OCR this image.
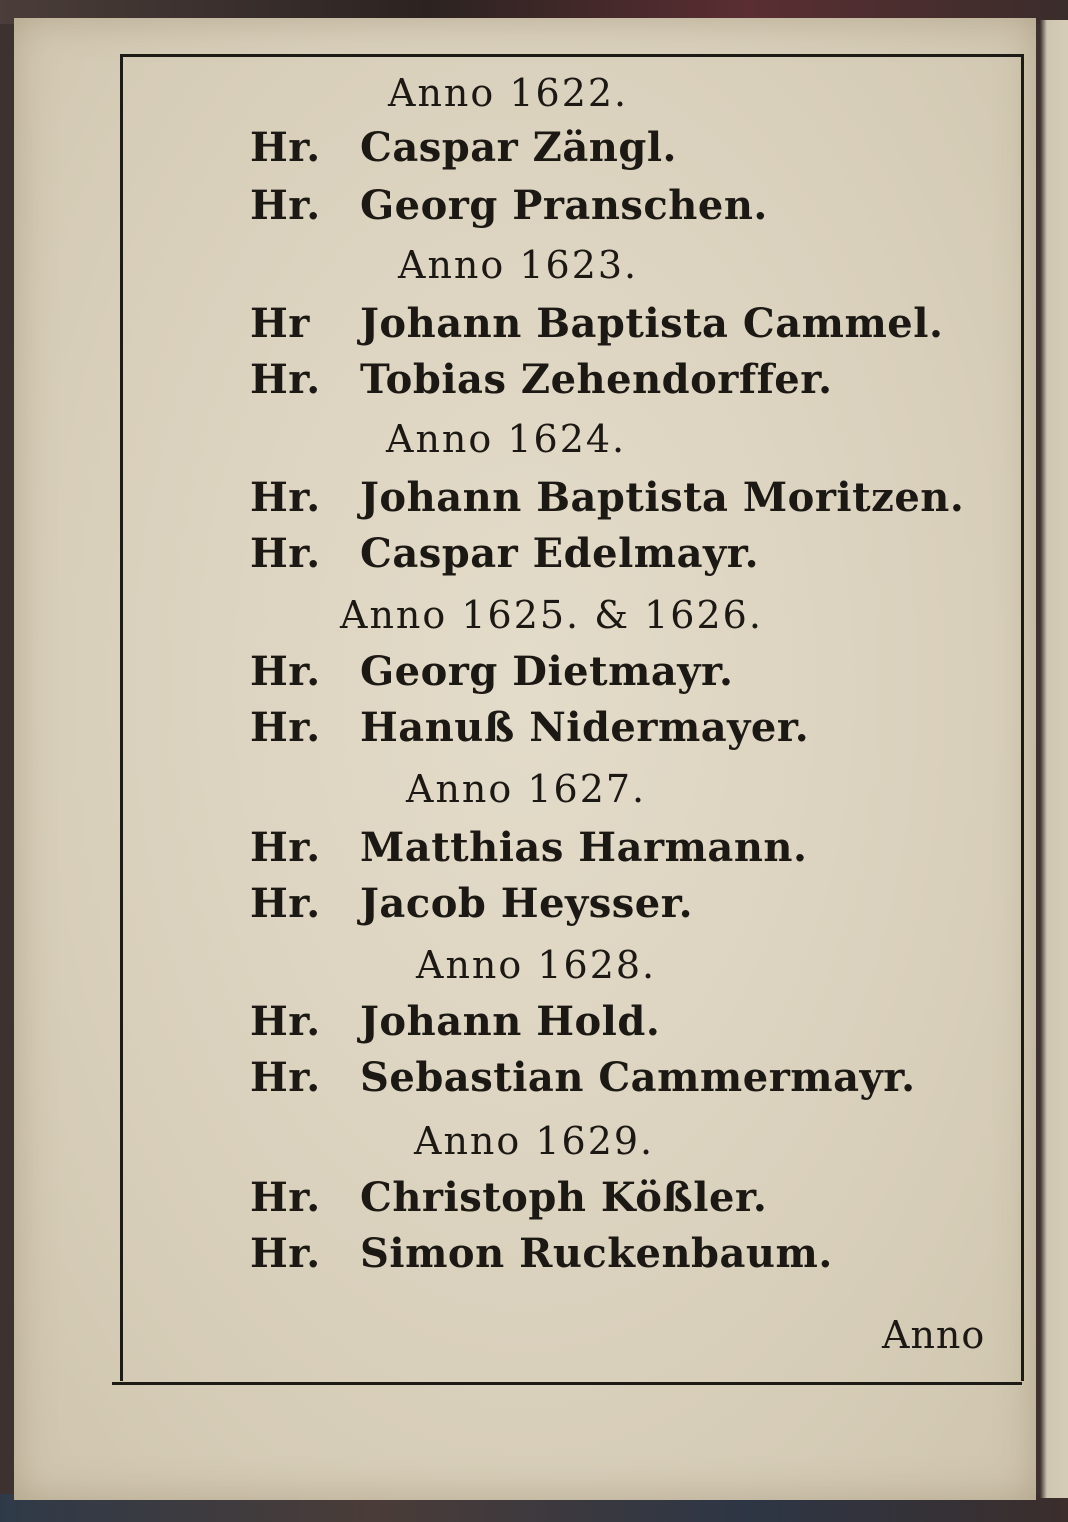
Anno 1622.
Hr. Caspar Zängl.
Hr. Georg Pranschen.
Anno 1623.
Hr Johann Baptista Cammel.
Hr. Tobias Zehendorffer.
Anno 1624.
Hr. Johann Baptista Moritzen.
Hr. Caspar Edelmayr.
Anno 1625. & 1626.
Hr. Georg Dietmayr.
Hr. Hanuß Nidermayer.
Anno 1627.
Hr. Matthias Harmann.
Hr. Jacob Heysser.
Anno 1628.
Hr. Johann Hold.
Hr. Sebastian Cammermayr.
Anno 1629.
Hr. Christoph Kößler.
Hr. Simon Ruckenbaum.
Anno
